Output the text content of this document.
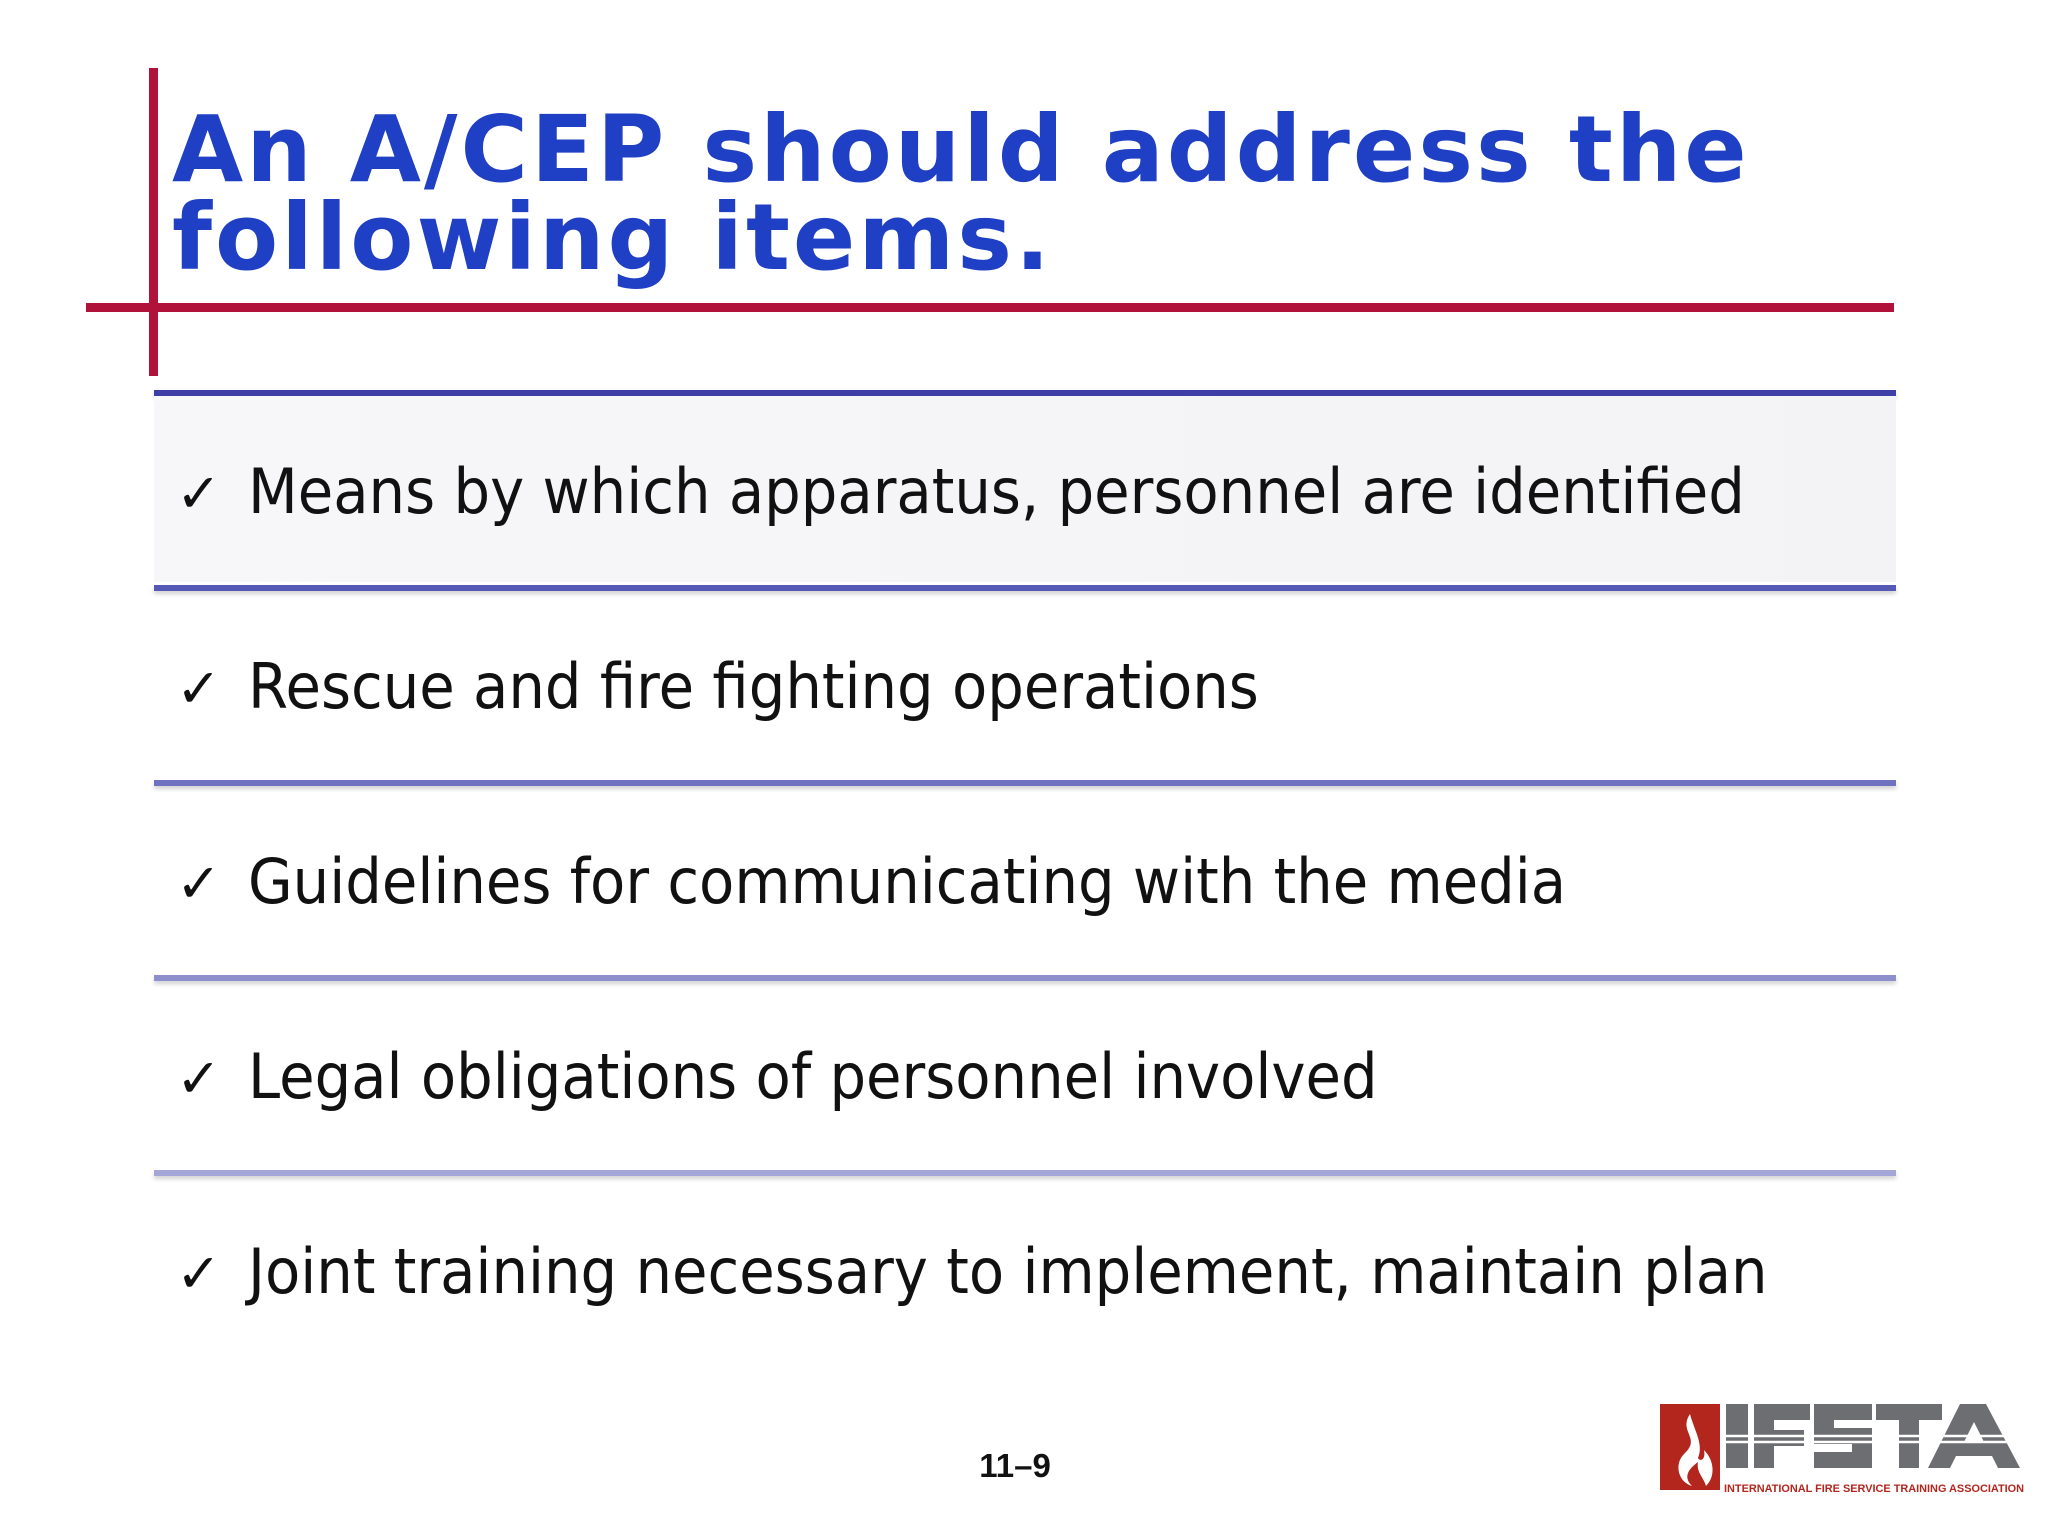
An A/CEP should address the following items.
✓ Means by which apparatus, personnel are identified
✓ Rescue and fire fighting operations
✓ Guidelines for communicating with the media
✓ Legal obligations of personnel involved
✓ Joint training necessary to implement, maintain plan
11–9
INTERNATIONAL FIRE SERVICE TRAINING ASSOCIATION
